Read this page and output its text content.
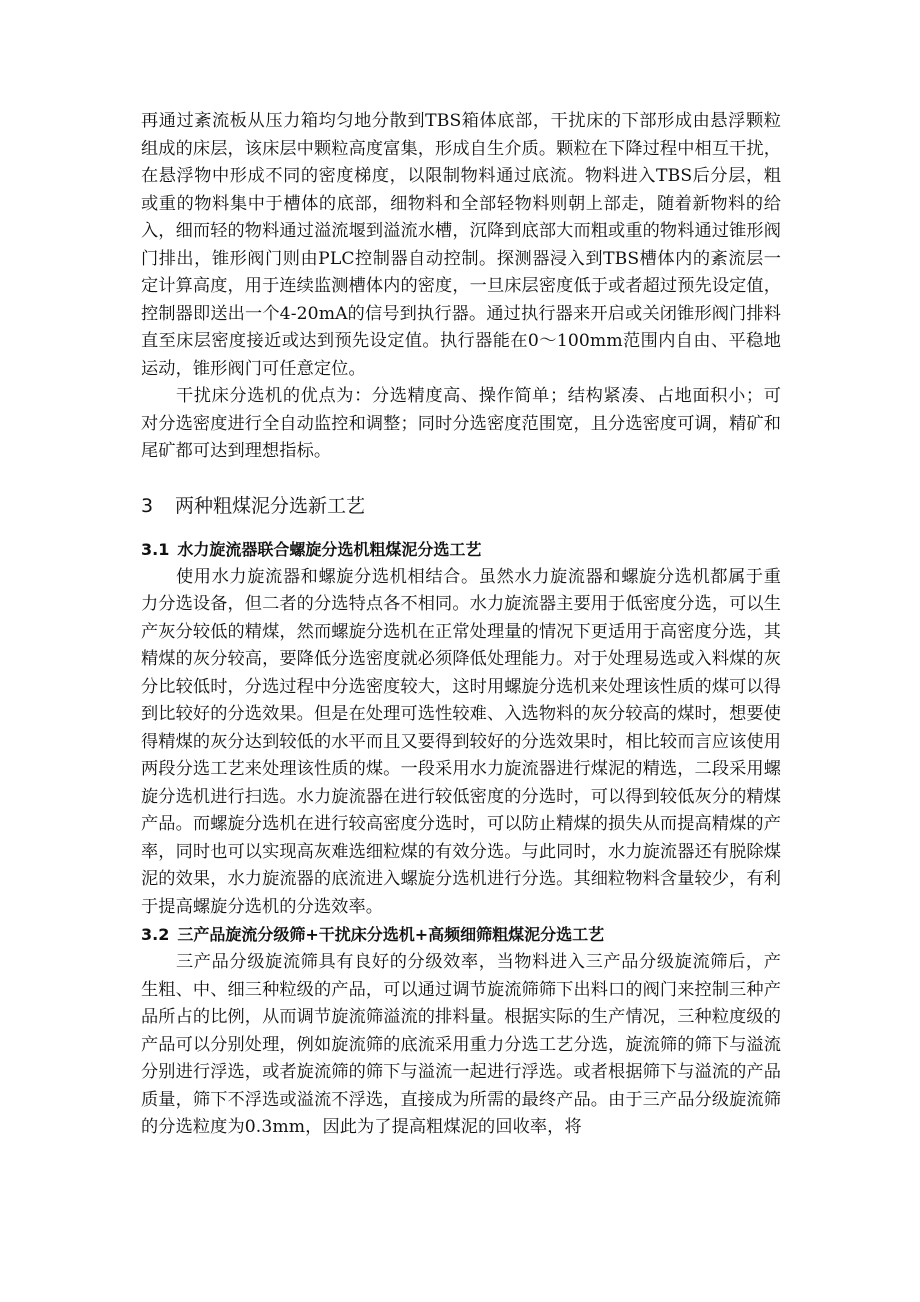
再通过紊流板从压力箱均匀地分散到TBS箱体底部，干扰床的下部形成由悬浮颗粒组成的床层，该床层中颗粒高度富集，形成自生介质。颗粒在下降过程中相互干扰，在悬浮物中形成不同的密度梯度，以限制物料通过底流。物料进入TBS后分层，粗或重的物料集中于槽体的底部，细物料和全部轻物料则朝上部走，随着新物料的给入，细而轻的物料通过溢流堰到溢流水槽，沉降到底部大而粗或重的物料通过锥形阀门排出，锥形阀门则由PLC控制器自动控制。探测器浸入到TBS槽体内的紊流层一定计算高度，用于连续监测槽体内的密度，一旦床层密度低于或者超过预先设定值，控制器即送出一个4-20mA的信号到执行器。通过执行器来开启或关闭锥形阀门排料直至床层密度接近或达到预先设定值。执行器能在0～100mm范围内自由、平稳地运动，锥形阀门可任意定位。

干扰床分选机的优点为：分选精度高、操作简单；结构紧凑、占地面积小；可对分选密度进行全自动监控和调整；同时分选密度范围宽，且分选密度可调，精矿和尾矿都可达到理想指标。

3 两种粗煤泥分选新工艺
3.1 水力旋流器联合螺旋分选机粗煤泥分选工艺

使用水力旋流器和螺旋分选机相结合。虽然水力旋流器和螺旋分选机都属于重力分选设备，但二者的分选特点各不相同。水力旋流器主要用于低密度分选，可以生产灰分较低的精煤，然而螺旋分选机在正常处理量的情况下更适用于高密度分选，其精煤的灰分较高，要降低分选密度就必须降低处理能力。对于处理易选或入料煤的灰分比较低时，分选过程中分选密度较大，这时用螺旋分选机来处理该性质的煤可以得到比较好的分选效果。但是在处理可选性较难、入选物料的灰分较高的煤时，想要使得精煤的灰分达到较低的水平而且又要得到较好的分选效果时，相比较而言应该使用两段分选工艺来处理该性质的煤。一段采用水力旋流器进行煤泥的精选，二段采用螺旋分选机进行扫选。水力旋流器在进行较低密度的分选时，可以得到较低灰分的精煤产品。而螺旋分选机在进行较高密度分选时，可以防止精煤的损失从而提高精煤的产率，同时也可以实现高灰难选细粒煤的有效分选。与此同时，水力旋流器还有脱除煤泥的效果，水力旋流器的底流进入螺旋分选机进行分选。其细粒物料含量较少，有利于提高螺旋分选机的分选效率。

3.2 三产品旋流分级筛+干扰床分选机+高频细筛粗煤泥分选工艺

三产品分级旋流筛具有良好的分级效率，当物料进入三产品分级旋流筛后，产生粗、中、细三种粒级的产品，可以通过调节旋流筛筛下出料口的阀门来控制三种产品所占的比例，从而调节旋流筛溢流的排料量。根据实际的生产情况，三种粒度级的产品可以分别处理，例如旋流筛的底流采用重力分选工艺分选，旋流筛的筛下与溢流分别进行浮选，或者旋流筛的筛下与溢流一起进行浮选。或者根据筛下与溢流的产品质量，筛下不浮选或溢流不浮选，直接成为所需的最终产品。由于三产品分级旋流筛的分选粒度为0.3mm，因此为了提高粗煤泥的回收率，将
